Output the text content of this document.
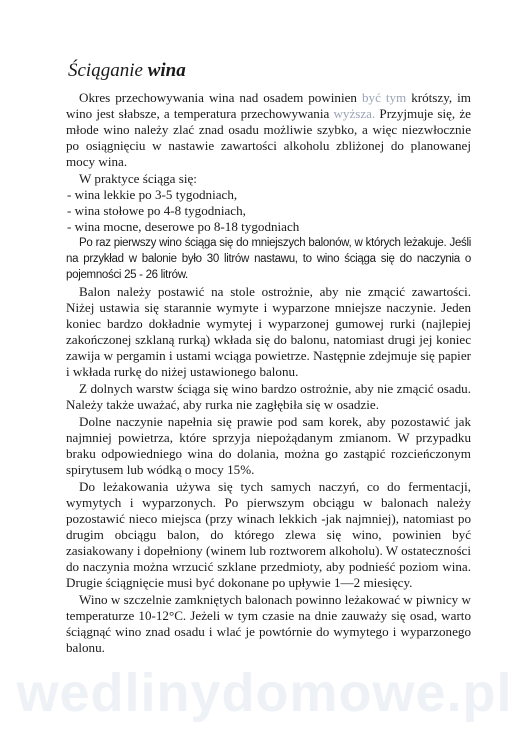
Ściąganie wina

Okres przechowywania wina nad osadem powinien być tym krótszy, im wino jest słabsze, a temperatura przechowywania wyższa. Przyjmuje się, że młode wino należy zlać znad osadu możliwie szybko, a więc niezwłocznie po osiągnięciu w nastawie zawartości alkoholu zbliżonej do planowanej mocy wina.

W praktyce ściąga się:

- wina lekkie po 3-5 tygodniach,
- wina stołowe po 4-8 tygodniach,
- wina mocne, deserowe po 8-18 tygodniach

Po raz pierwszy wino ściąga się do mniejszych balonów, w których leżakuje. Jeśli na przykład w balonie było 30 litrów nastawu, to wino ściąga się do naczynia o pojemności 25 - 26 litrów.

Balon należy postawić na stole ostrożnie, aby nie zmącić zawartości. Niżej ustawia się starannie wymyte i wyparzone mniejsze naczynie. Jeden koniec bardzo dokładnie wymytej i wyparzonej gumowej rurki (najlepiej zakończonej szklaną rurką) wkłada się do balonu, natomiast drugi jej koniec zawija w pergamin i ustami wciąga powietrze. Następnie zdejmuje się papier i wkłada rurkę do niżej ustawionego balonu.

Z dolnych warstw ściąga się wino bardzo ostrożnie, aby nie zmącić osadu. Należy także uważać, aby rurka nie zagłębiła się w osadzie.

Dolne naczynie napełnia się prawie pod sam korek, aby pozostawić jak najmniej powietrza, które sprzyja niepożądanym zmianom. W przypadku braku odpowiedniego wina do dolania, można go zastąpić rozcieńczonym spirytusem lub wódką o mocy 15%.

Do leżakowania używa się tych samych naczyń, co do fermentacji, wymytych i wyparzonych. Po pierwszym obciągu w balonach należy pozostawić nieco miejsca (przy winach lekkich -jak najmniej), natomiast po drugim obciągu balon, do którego zlewa się wino, powinien być zasiakowany i dopełniony (winem lub roztworem alkoholu). W ostateczności do naczynia można wrzucić szklane przedmioty, aby podnieść poziom wina. Drugie ściągnięcie musi być dokonane po upływie 1—2 miesięcy.

Wino w szczelnie zamkniętych balonach powinno leżakować w piwnicy w temperaturze 10-12°C. Jeżeli w tym czasie na dnie zauważy się osad, warto ściągnąć wino znad osadu i wlać je powtórnie do wymytego i wyparzonego balonu.

wedlinydomowe.pl
